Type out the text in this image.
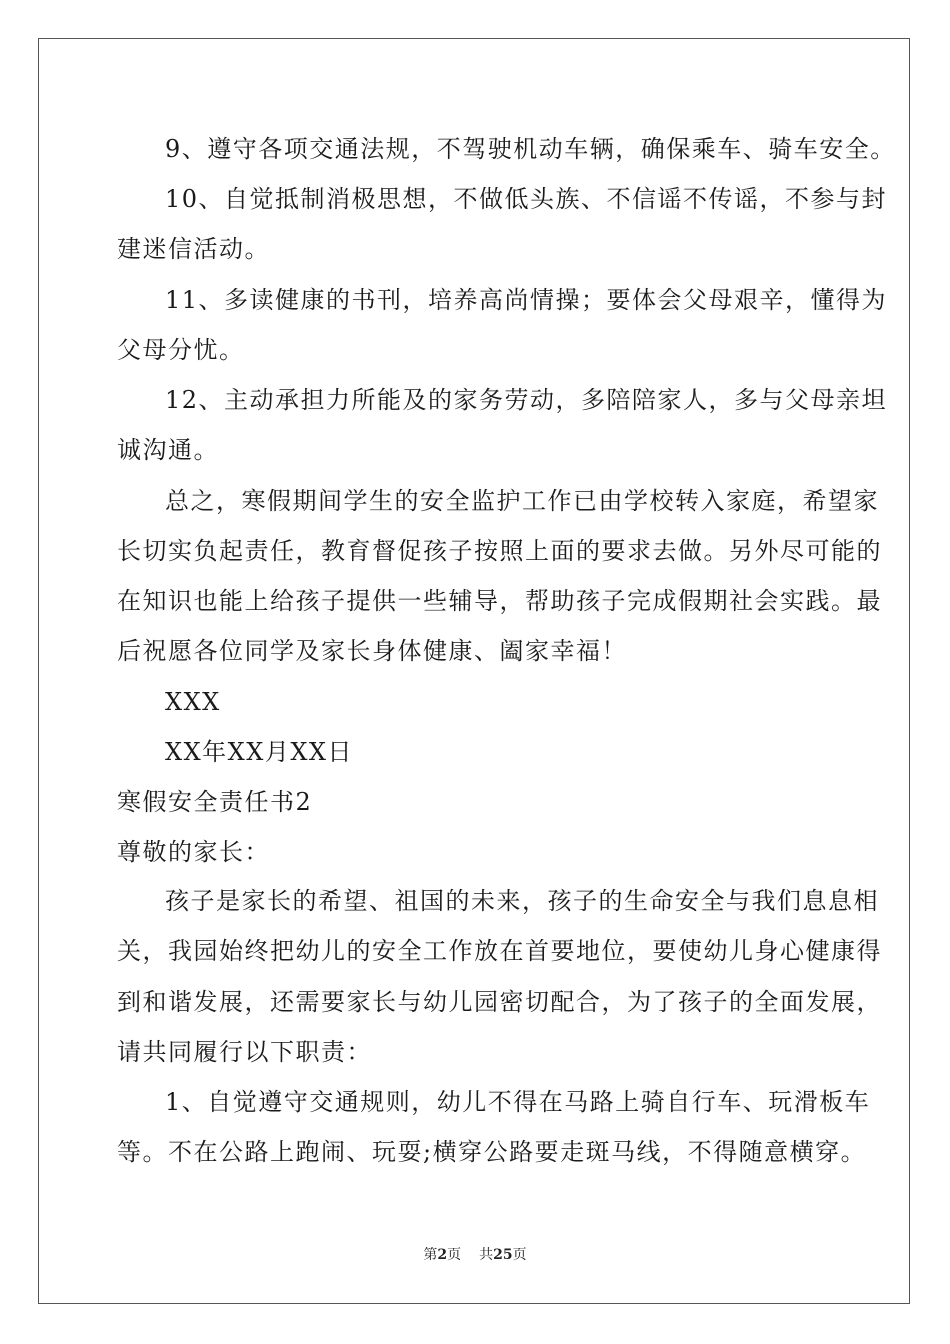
9、遵守各项交通法规，不驾驶机动车辆，确保乘车、骑车安全。
10、自觉抵制消极思想，不做低头族、不信谣不传谣，不参与封
建迷信活动。
11、多读健康的书刊，培养高尚情操；要体会父母艰辛，懂得为
父母分忧。
12、主动承担力所能及的家务劳动，多陪陪家人，多与父母亲坦
诚沟通。
总之，寒假期间学生的安全监护工作已由学校转入家庭，希望家
长切实负起责任，教育督促孩子按照上面的要求去做。另外尽可能的
在知识也能上给孩子提供一些辅导，帮助孩子完成假期社会实践。最
后祝愿各位同学及家长身体健康、阖家幸福！
XXX
XX年XX月XX日
寒假安全责任书2
尊敬的家长：
孩子是家长的希望、祖国的未来，孩子的生命安全与我们息息相
关，我园始终把幼儿的安全工作放在首要地位，要使幼儿身心健康得
到和谐发展，还需要家长与幼儿园密切配合，为了孩子的全面发展，
请共同履行以下职责：
1、自觉遵守交通规则，幼儿不得在马路上骑自行车、玩滑板车
等。不在公路上跑闹、玩耍;横穿公路要走斑马线，不得随意横穿。
第2页 共25页
